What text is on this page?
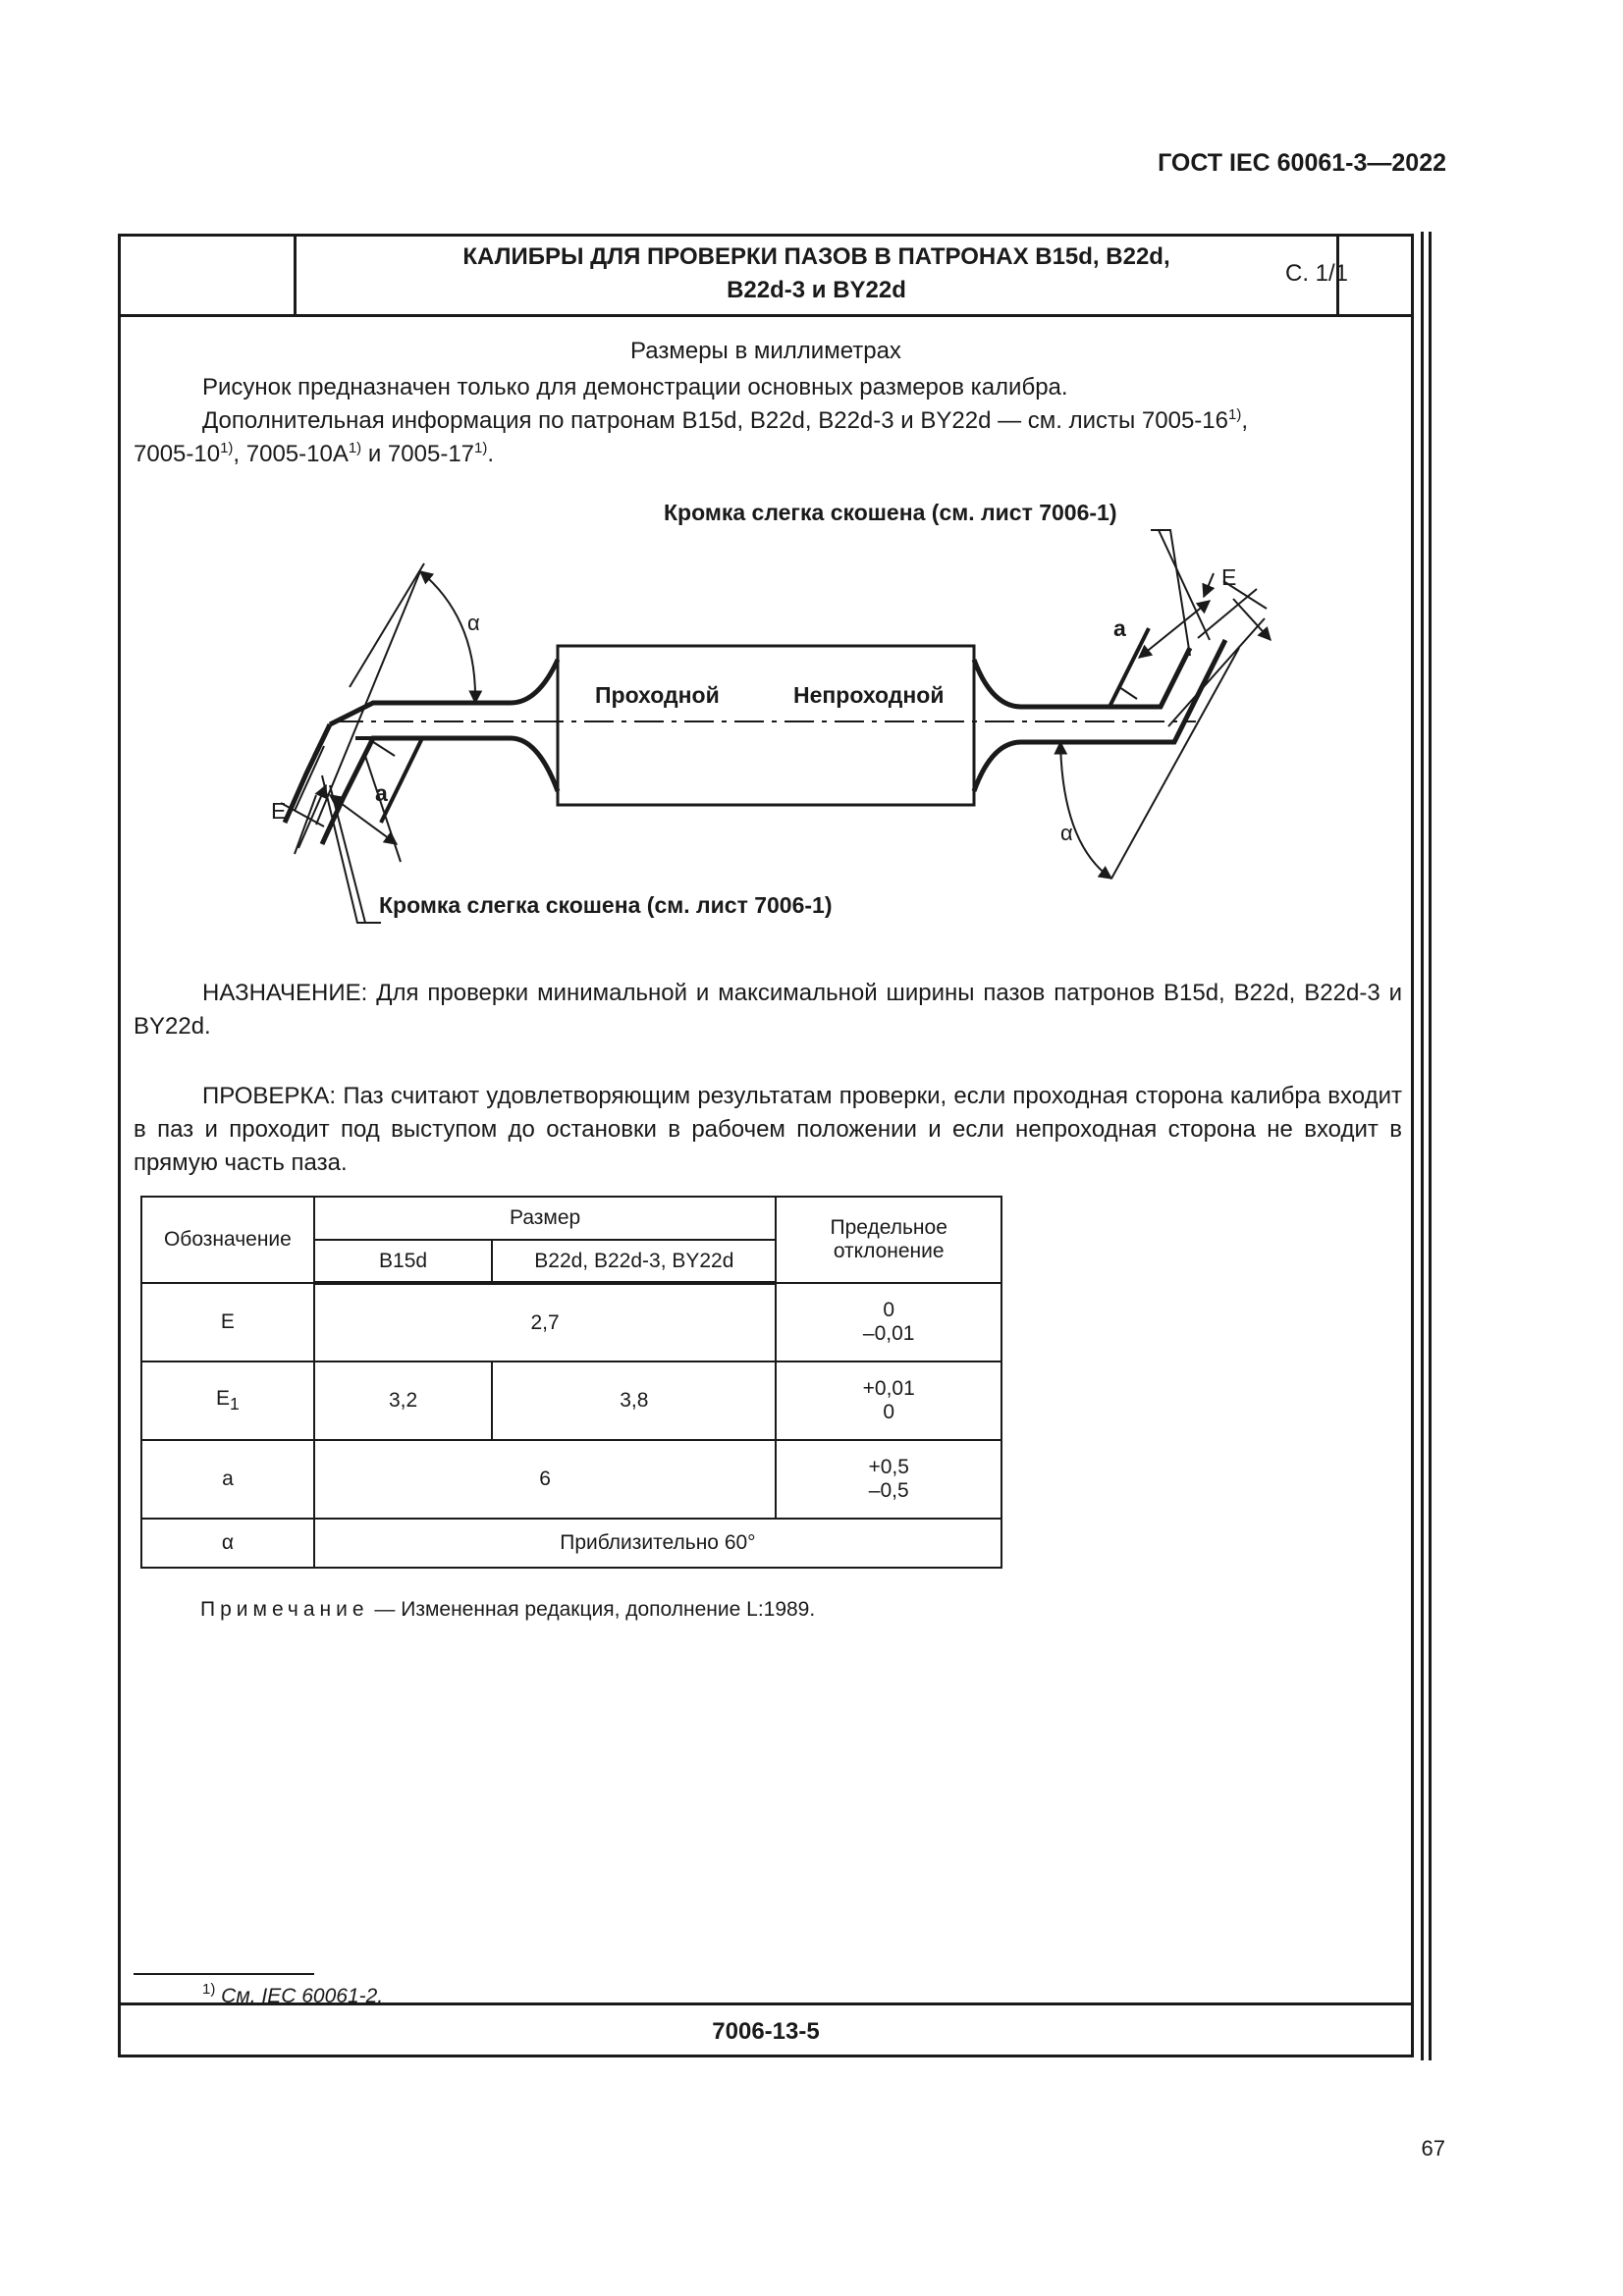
ГОСТ IEC 60061-3—2022
КАЛИБРЫ ДЛЯ ПРОВЕРКИ ПАЗОВ В ПАТРОНАХ B15d, B22d,
B22d-3 и BY22d
С. 1/1
Размеры в миллиметрах
Рисунок предназначен только для демонстрации основных размеров калибра.
Дополнительная информация по патронам B15d, B22d, B22d-3 и BY22d — см. листы 7005-16$^{1)}$,
7005-10$^{1)}$, $7005-10A^{1)}$ и 7005-17$^{1)}$.
Кромка слегка скошена (см. лист 7006-1)
Кромка слегка скошена (см. лист 7006-1)
Проходной	Непроходной
α
α
a
a
E
E
НАЗНАЧЕНИЕ: Для проверки минимальной и максимальной ширины пазов патронов B15d, B22d, B22d-3 и BY22d.
ПРОВЕРКА: Паз считают удовлетворяющим результатам проверки, если проходная сторона калибра входит в паз и проходит под выступом до остановки в рабочем положении и если непроходная сторона не входит в прямую часть паза.
Обозначение	Размер		Предельное
отклонение
	B15d	B22d, B22d-3, BY22d	
E	2,7		0
–0,01
$E_1$	3,2	3,8	+0,01
0
a	6		+0,5
–0,5
α	Приблизительно 60°		
Примечание — Измененная редакция, дополнение L:1989.
$^{1)}$ См. IEC 60061-2.
7006-13-5
67
